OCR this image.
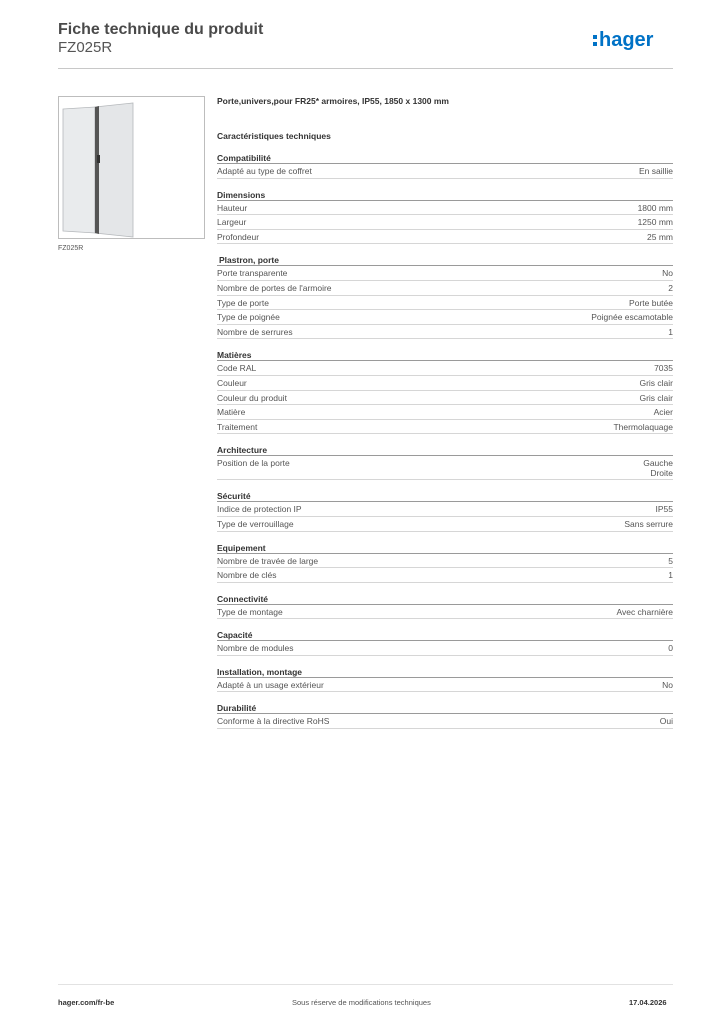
Fiche technique du produit
FZ025R	hager
FZ025R
Porte,univers,pour FR25* armoires, IP55, 1850 x 1300 mm
Caractéristiques techniques
Compatibilité
Adapté au type de coffret	En saillie
Dimensions
Hauteur	1800 mm
Largeur	1250 mm
Profondeur	25 mm
Plastron, porte
Porte transparente	No
Nombre de portes de l'armoire	2
Type de porte	Porte butée
Type de poignée	Poignée escamotable
Nombre de serrures	1
Matières
Code RAL	7035
Couleur	Gris clair
Couleur du produit	Gris clair
Matière	Acier
Traitement	Thermolaquage
Architecture
Position de la porte	Gauche
Droite
Sécurité
Indice de protection IP	IP55
Type de verrouillage	Sans serrure
Equipement
Nombre de travée de large	5
Nombre de clés	1
Connectivité
Type de montage	Avec charnière
Capacité
Nombre de modules	0
Installation, montage
Adapté à un usage extérieur	No
Durabilité
Conforme à la directive RoHS	Oui
hager.com/fr-be	Sous réserve de modifications techniques	17.04.2026
